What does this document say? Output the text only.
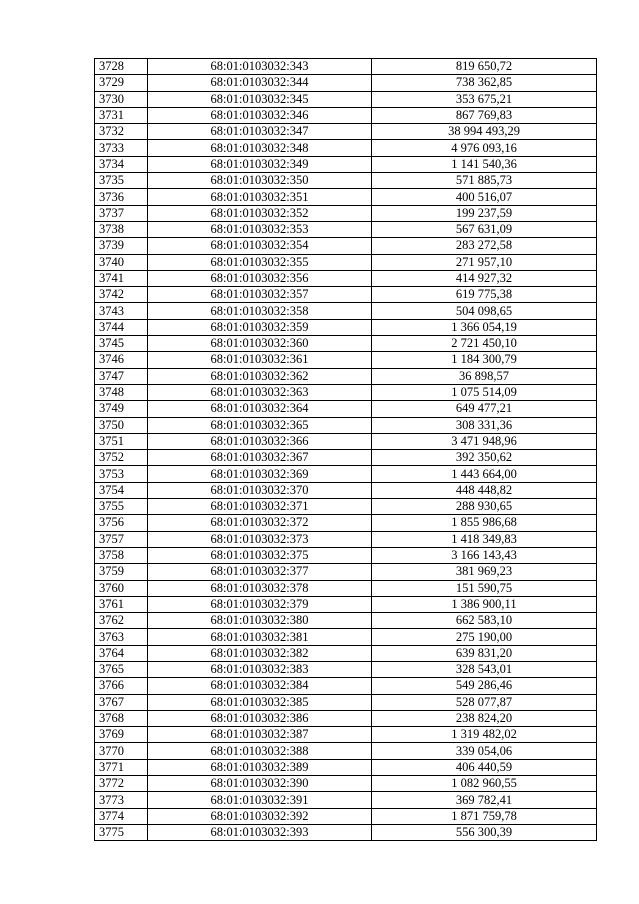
3728	68:01:0103032:343	819 650,72
3729	68:01:0103032:344	738 362,85
3730	68:01:0103032:345	353 675,21
3731	68:01:0103032:346	867 769,83
3732	68:01:0103032:347	38 994 493,29
3733	68:01:0103032:348	4 976 093,16
3734	68:01:0103032:349	1 141 540,36
3735	68:01:0103032:350	571 885,73
3736	68:01:0103032:351	400 516,07
3737	68:01:0103032:352	199 237,59
3738	68:01:0103032:353	567 631,09
3739	68:01:0103032:354	283 272,58
3740	68:01:0103032:355	271 957,10
3741	68:01:0103032:356	414 927,32
3742	68:01:0103032:357	619 775,38
3743	68:01:0103032:358	504 098,65
3744	68:01:0103032:359	1 366 054,19
3745	68:01:0103032:360	2 721 450,10
3746	68:01:0103032:361	1 184 300,79
3747	68:01:0103032:362	36 898,57
3748	68:01:0103032:363	1 075 514,09
3749	68:01:0103032:364	649 477,21
3750	68:01:0103032:365	308 331,36
3751	68:01:0103032:366	3 471 948,96
3752	68:01:0103032:367	392 350,62
3753	68:01:0103032:369	1 443 664,00
3754	68:01:0103032:370	448 448,82
3755	68:01:0103032:371	288 930,65
3756	68:01:0103032:372	1 855 986,68
3757	68:01:0103032:373	1 418 349,83
3758	68:01:0103032:375	3 166 143,43
3759	68:01:0103032:377	381 969,23
3760	68:01:0103032:378	151 590,75
3761	68:01:0103032:379	1 386 900,11
3762	68:01:0103032:380	662 583,10
3763	68:01:0103032:381	275 190,00
3764	68:01:0103032:382	639 831,20
3765	68:01:0103032:383	328 543,01
3766	68:01:0103032:384	549 286,46
3767	68:01:0103032:385	528 077,87
3768	68:01:0103032:386	238 824,20
3769	68:01:0103032:387	1 319 482,02
3770	68:01:0103032:388	339 054,06
3771	68:01:0103032:389	406 440,59
3772	68:01:0103032:390	1 082 960,55
3773	68:01:0103032:391	369 782,41
3774	68:01:0103032:392	1 871 759,78
3775	68:01:0103032:393	556 300,39
